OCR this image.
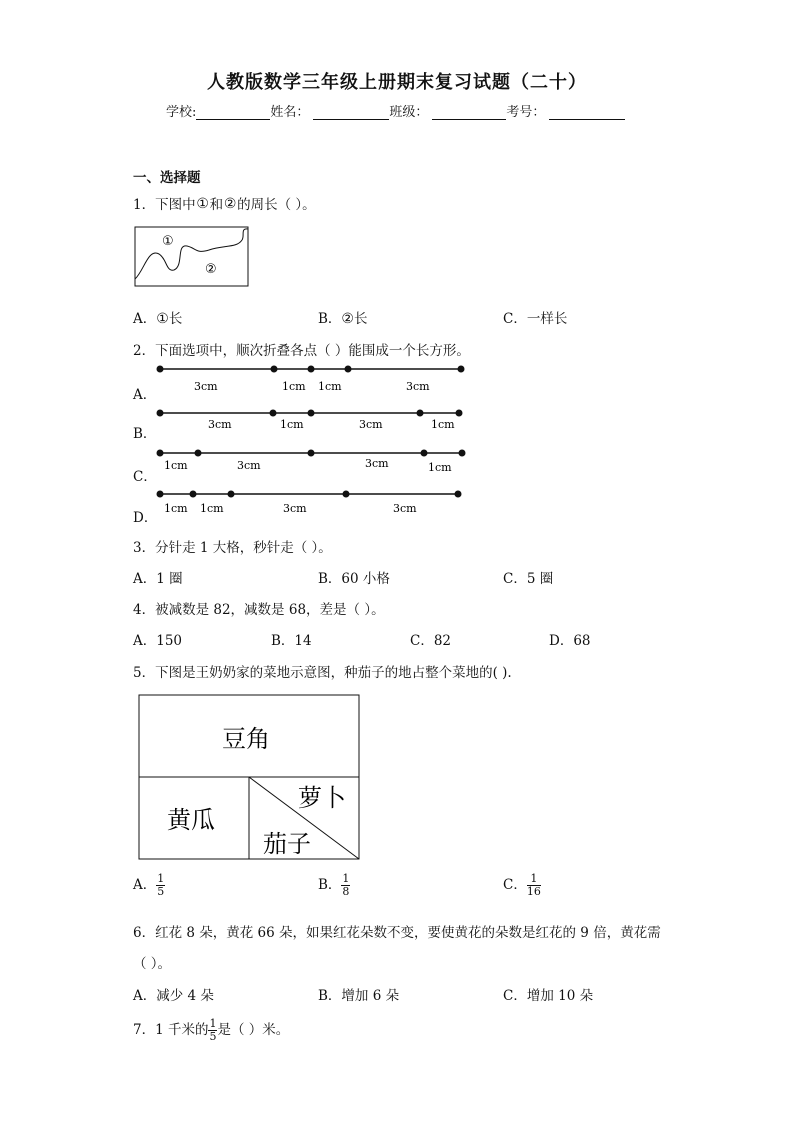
人教版数学三年级上册期末复习试题（二十）
学校:	姓名：	班级：	考号：
一、选择题
1．下图中①和②的周长（ ）。
①
②
A．①长	B．②长	C．一样长
2．下面选项中，顺次折叠各点（ ）能围成一个长方形。
A．
3cm	1cm 1cm	3cm
B．
3cm	1cm	3cm	1cm
C．
1cm	3cm	3cm	1cm
D．
1cm 1cm	3cm	3cm
3．分针走 1 大格，秒针走（ ）。
A．1 圈	B．60 小格	C．5 圈
4．被减数是 82，减数是 68，差是（ ）。
A．150	B．14	C．82	D．68
5．下图是王奶奶家的菜地示意图，种茄子的地占整个菜地的( ).
豆角
黄瓜
萝卜
茄子
A． $\frac{1}{5}$	B． $\frac{1}{8}$	C． $\frac{1}{16}$
6．红花 8 朵，黄花 66 朵，如果红花朵数不变，要使黄花的朵数是红花的 9 倍，黄花需
（ ）。
A．减少 4 朵	B．增加 6 朵	C．增加 10 朵
7．1 千米的 $\frac{1}{5}$ 是（ ）米。
